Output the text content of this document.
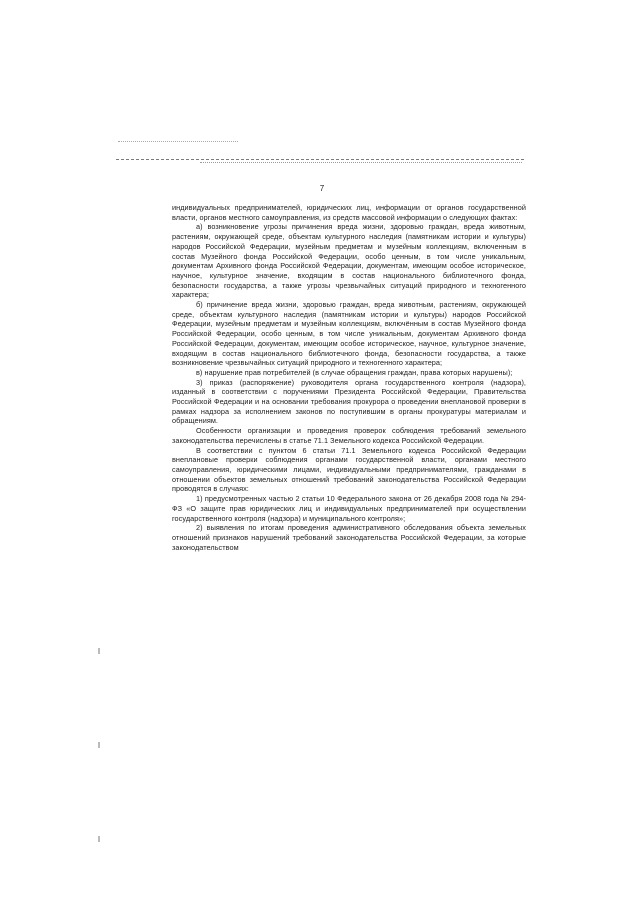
7

индивидуальных предпринимателей, юридических лиц, информации от органов государственной власти, органов местного самоуправления, из средств массовой информации о следующих фактах:

а) возникновение угрозы причинения вреда жизни, здоровью граждан, вреда животным, растениям, окружающей среде, объектам культурного наследия (памятникам истории и культуры) народов Российской Федерации, музейным предметам и музейным коллекциям, включенным в состав Музейного фонда Российской Федерации, особо ценным, в том числе уникальным, документам Архивного фонда Российской Федерации, документам, имеющим особое историческое, научное, культурное значение, входящим в состав национального библиотечного фонда, безопасности государства, а также угрозы чрезвычайных ситуаций природного и техногенного характера;

б) причинение вреда жизни, здоровью граждан, вреда животным, растениям, окружающей среде, объектам культурного наследия (памятникам истории и культуры) народов Российской Федерации, музейным предметам и музейным коллекциям, включённым в состав Музейного фонда Российской Федерации, особо ценным, в том числе уникальным, документам Архивного фонда Российской Федерации, документам, имеющим особое историческое, научное, культурное значение, входящим в состав национального библиотечного фонда, безопасности государства, а также возникновение чрезвычайных ситуаций природного и техногенного характера;

в) нарушение прав потребителей (в случае обращения граждан, права которых нарушены);

3) приказ (распоряжение) руководителя органа государственного контроля (надзора), изданный в соответствии с поручениями Президента Российской Федерации, Правительства Российской Федерации и на основании требования прокурора о проведении внеплановой проверки в рамках надзора за исполнением законов по поступившим в органы прокуратуры материалам и обращениям.

Особенности организации и проведения проверок соблюдения требований земельного законодательства перечислены в статье 71.1 Земельного кодекса Российской Федерации.

В соответствии с пунктом 6 статьи 71.1 Земельного кодекса Российской Федерации внеплановые проверки соблюдения органами государственной власти, органами местного самоуправления, юридическими лицами, индивидуальными предпринимателями, гражданами в отношении объектов земельных отношений требований законодательства Российской Федерации проводятся в случаях:

1) предусмотренных частью 2 статьи 10 Федерального закона от 26 декабря 2008 года № 294-ФЗ «О защите прав юридических лиц и индивидуальных предпринимателей при осуществлении государственного контроля (надзора) и муниципального контроля»;

2) выявления по итогам проведения административного обследования объекта земельных отношений признаков нарушений требований законодательства Российской Федерации, за которые законодательством
